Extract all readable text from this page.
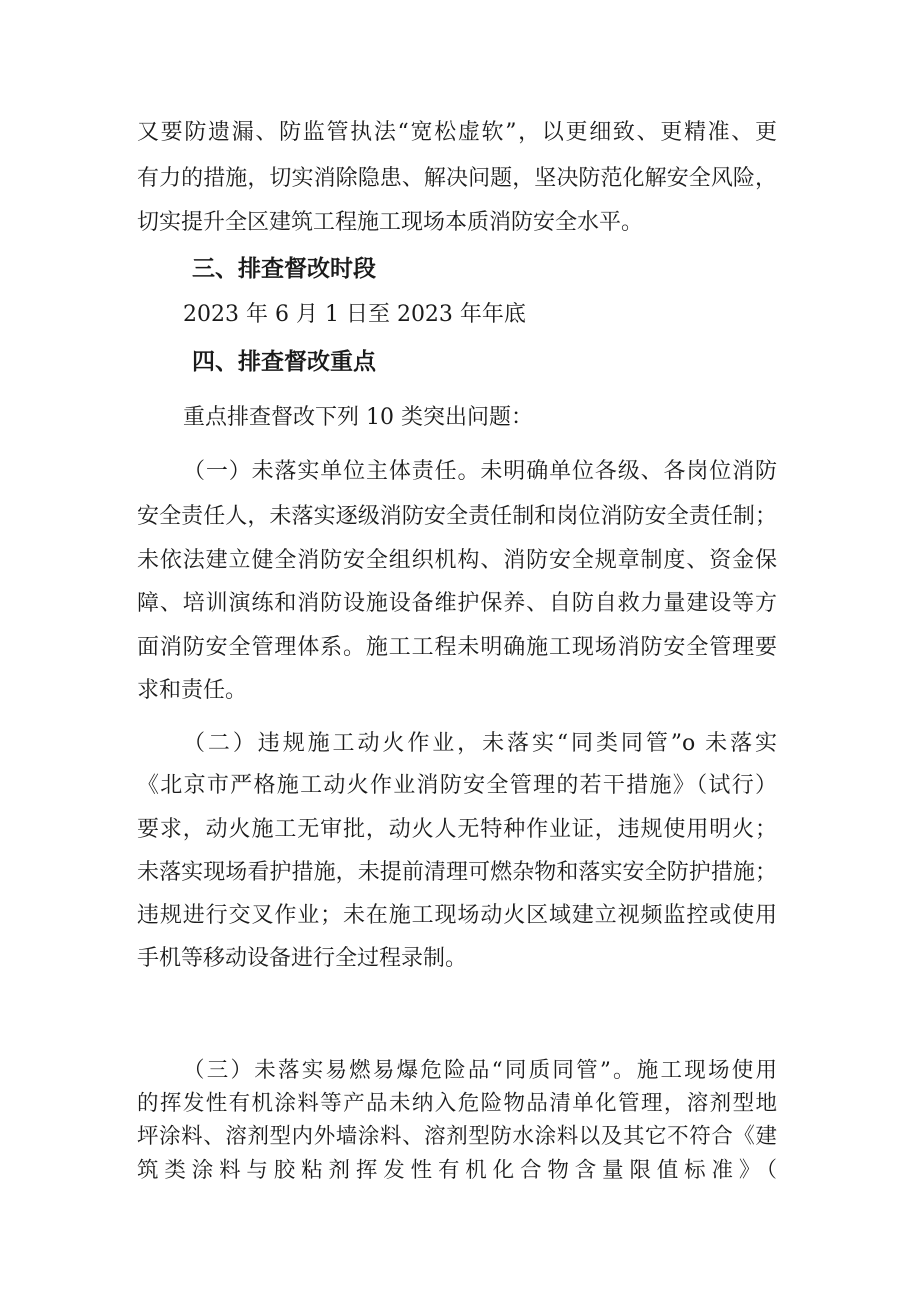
又要防遗漏、防监管执法“宽松虚软”，以更细致、更精准、更
有力的措施，切实消除隐患、解决问题，坚决防范化解安全风险，
切实提升全区建筑工程施工现场本质消防安全水平。
三、排查督改时段
2023 年 6 月 1 日至 2023 年年底
四、排查督改重点
重点排查督改下列 10 类突出问题：
（一）未落实单位主体责任。未明确单位各级、各岗位消防
安全责任人，未落实逐级消防安全责任制和岗位消防安全责任制；
未依法建立健全消防安全组织机构、消防安全规章制度、资金保
障、培训演练和消防设施设备维护保养、自防自救力量建设等方
面消防安全管理体系。施工工程未明确施工现场消防安全管理要
求和责任。
（二）违规施工动火作业，未落实“同类同管”o 未落实
《北京市严格施工动火作业消防安全管理的若干措施》（试行）
要求，动火施工无审批，动火人无特种作业证，违规使用明火；
未落实现场看护措施，未提前清理可燃杂物和落实安全防护措施；
违规进行交叉作业；未在施工现场动火区域建立视频监控或使用
手机等移动设备进行全过程录制。
（三）未落实易燃易爆危险品“同质同管”。施工现场使用
的挥发性有机涂料等产品未纳入危险物品清单化管理，溶剂型地
坪涂料、溶剂型内外墙涂料、溶剂型防水涂料以及其它不符合《建
筑类涂料与胶粘剂挥发性有机化合物含量限值标准》（
